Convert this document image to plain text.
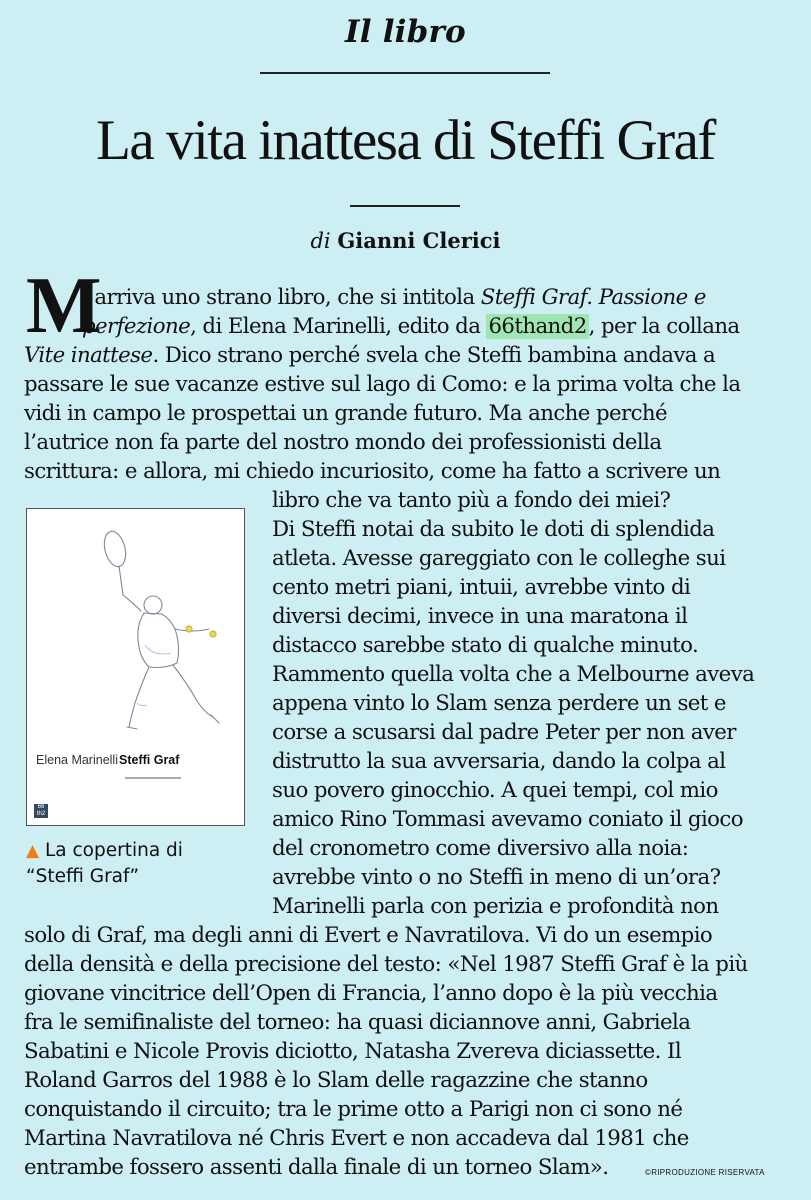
Il libro
La vita inattesa di Steffi Graf
di Gianni Clerici
M
i arriva uno strano libro, che si intitola Steffi Graf. Passione e
perfezione, di Elena Marinelli, edito da 66thand2, per la collana
Vite inattese. Dico strano perché svela che Steffi bambina andava a
passare le sue vacanze estive sul lago di Como: e la prima volta che la
vidi in campo le prospettai un grande futuro. Ma anche perché
l’autrice non fa parte del nostro mondo dei professionisti della
scrittura: e allora, mi chiedo incuriosito, come ha fatto a scrivere un
libro che va tanto più a fondo dei miei?
Di Steffi notai da subito le doti di splendida
atleta. Avesse gareggiato con le colleghe sui
cento metri piani, intuii, avrebbe vinto di
diversi decimi, invece in una maratona il
distacco sarebbe stato di qualche minuto.
Rammento quella volta che a Melbourne aveva
appena vinto lo Slam senza perdere un set e
corse a scusarsi dal padre Peter per non aver
distrutto la sua avversaria, dando la colpa al
suo povero ginocchio. A quei tempi, col mio
amico Rino Tommasi avevamo coniato il gioco
del cronometro come diversivo alla noia:
avrebbe vinto o no Steffi in meno di un’ora?
Marinelli parla con perizia e profondità non
solo di Graf, ma degli anni di Evert e Navratilova. Vi do un esempio
della densità e della precisione del testo: «Nel 1987 Steffi Graf è la più
giovane vincitrice dell’Open di Francia, l’anno dopo è la più vecchia
fra le semifinaliste del torneo: ha quasi diciannove anni, Gabriela
Sabatini e Nicole Provis diciotto, Natasha Zvereva diciassette. Il
Roland Garros del 1988 è lo Slam delle ragazzine che stanno
conquistando il circuito; tra le prime otto a Parigi non ci sono né
Martina Navratilova né Chris Evert e non accadeva dal 1981 che
entrambe fossero assenti dalla finale di un torneo Slam».
Elena Marinelli Steffi Graf
66 th2
▲ La copertina di
“Steffi Graf”
©RIPRODUZIONE RISERVATA
